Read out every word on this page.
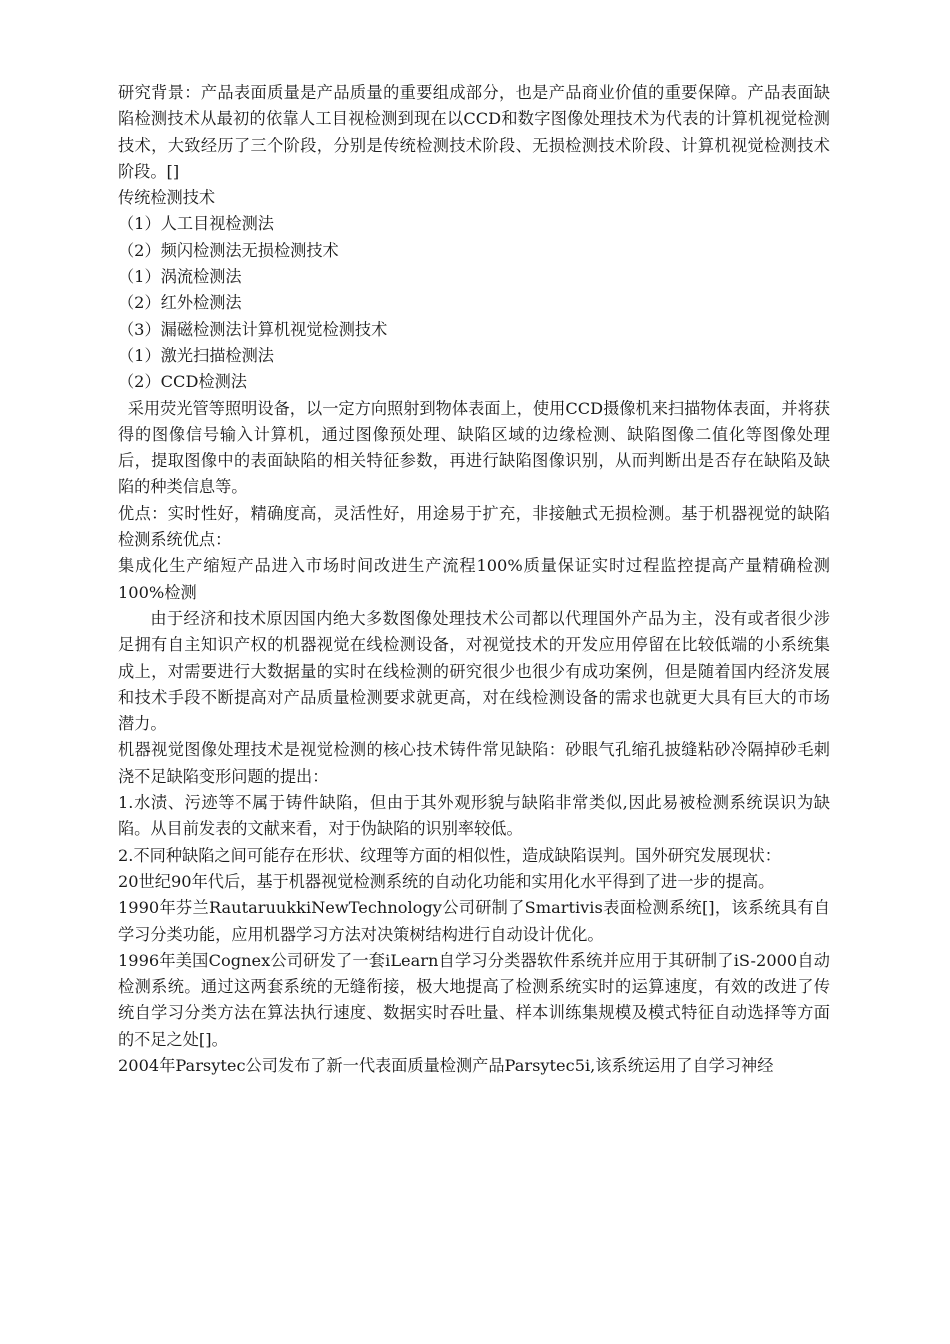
研究背景：产品表面质量是产品质量的重要组成部分，也是产品商业价值的重要保障。产品表面缺陷检测技术从最初的依靠人工目视检测到现在以CCD和数字图像处理技术为代表的计算机视觉检测技术，大致经历了三个阶段，分别是传统检测技术阶段、无损检测技术阶段、计算机视觉检测技术阶段。[]

传统检测技术

（1）人工目视检测法

（2）频闪检测法无损检测技术

（1）涡流检测法

（2）红外检测法

（3）漏磁检测法计算机视觉检测技术

（1）激光扫描检测法

（2）CCD检测法

采用荧光管等照明设备，以一定方向照射到物体表面上，使用CCD摄像机来扫描物体表面，并将获得的图像信号输入计算机，通过图像预处理、缺陷区域的边缘检测、缺陷图像二值化等图像处理后，提取图像中的表面缺陷的相关特征参数，再进行缺陷图像识别，从而判断出是否存在缺陷及缺陷的种类信息等。

优点：实时性好，精确度高，灵活性好，用途易于扩充，非接触式无损检测。基于机器视觉的缺陷检测系统优点：

集成化生产缩短产品进入市场时间改进生产流程100%质量保证实时过程监控提高产量精确检测100%检测

由于经济和技术原因国内绝大多数图像处理技术公司都以代理国外产品为主，没有或者很少涉足拥有自主知识产权的机器视觉在线检测设备，对视觉技术的开发应用停留在比较低端的小系统集成上，对需要进行大数据量的实时在线检测的研究很少也很少有成功案例，但是随着国内经济发展和技术手段不断提高对产品质量检测要求就更高，对在线检测设备的需求也就更大具有巨大的市场潜力。

机器视觉图像处理技术是视觉检测的核心技术铸件常见缺陷：砂眼气孔缩孔披缝粘砂冷隔掉砂毛刺浇不足缺陷变形问题的提出：

1.水渍、污迹等不属于铸件缺陷，但由于其外观形貌与缺陷非常类似,因此易被检测系统误识为缺陷。从目前发表的文献来看，对于伪缺陷的识别率较低。

2.不同种缺陷之间可能存在形状、纹理等方面的相似性，造成缺陷误判。国外研究发展现状：

20世纪90年代后，基于机器视觉检测系统的自动化功能和实用化水平得到了进一步的提高。

1990年芬兰RautaruukkiNewTechnology公司研制了Smartivis表面检测系统[]，该系统具有自学习分类功能，应用机器学习方法对决策树结构进行自动设计优化。

1996年美国Cognex公司研发了一套iLearn自学习分类器软件系统并应用于其研制了iS-2000自动检测系统。通过这两套系统的无缝衔接，极大地提高了检测系统实时的运算速度，有效的改进了传统自学习分类方法在算法执行速度、数据实时吞吐量、样本训练集规模及模式特征自动选择等方面的不足之处[]。

2004年Parsytec公司发布了新一代表面质量检测产品Parsytec5i,该系统运用了自学习神经
